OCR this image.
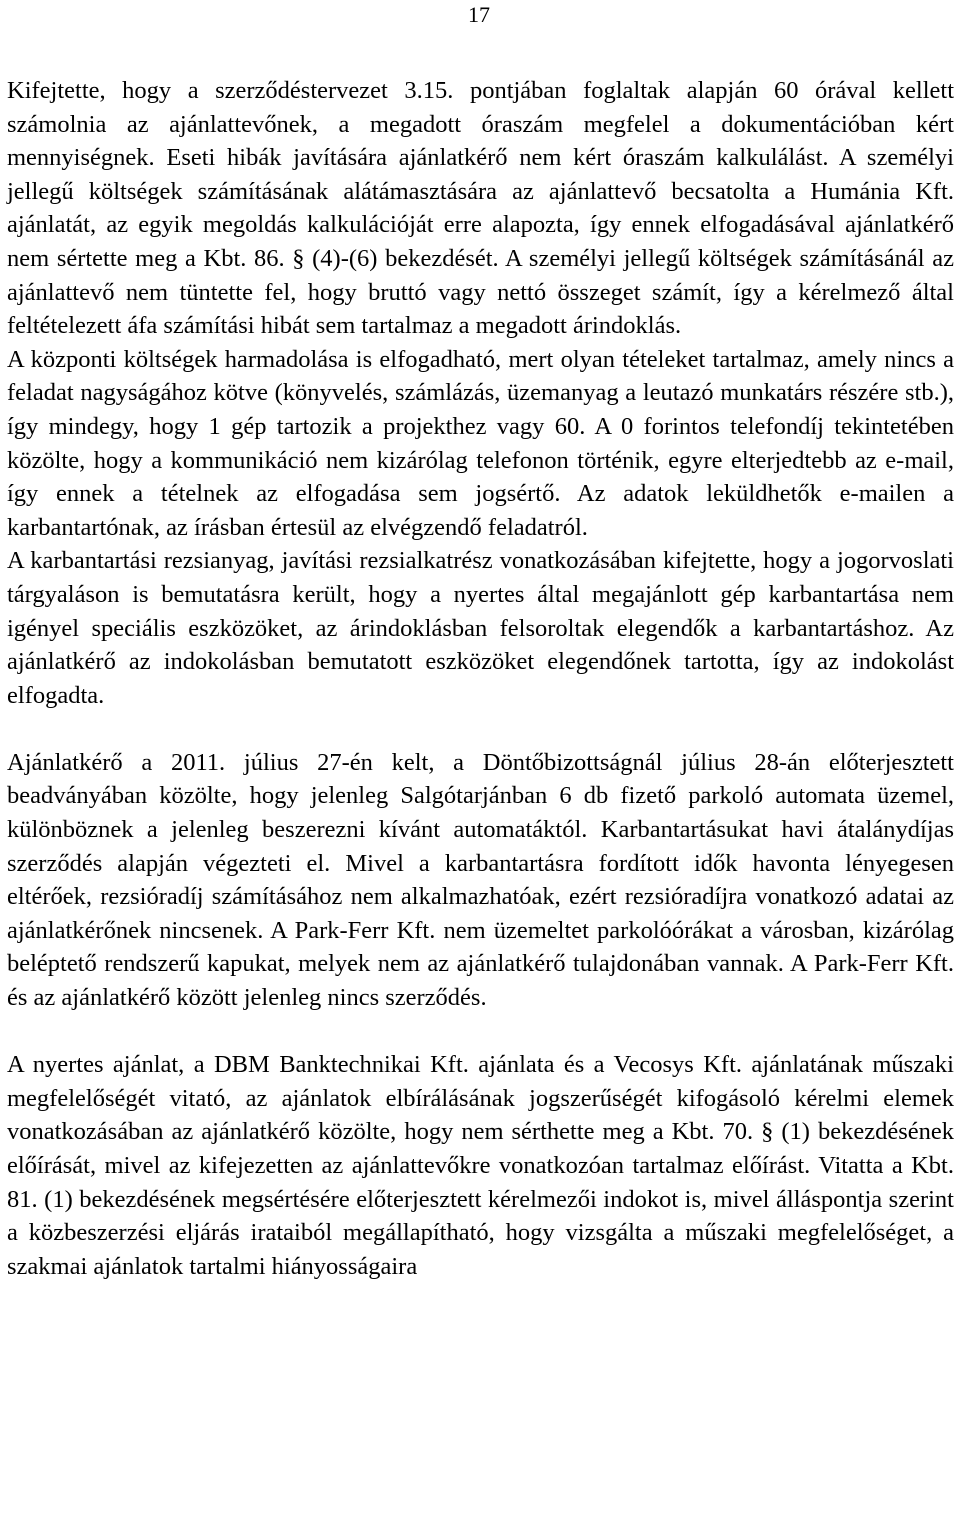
17

Kifejtette, hogy a szerződéstervezet 3.15. pontjában foglaltak alapján 60 órával kellett számolnia az ajánlattevőnek, a megadott óraszám megfelel a dokumentációban kért mennyiségnek. Eseti hibák javítására ajánlatkérő nem kért óraszám kalkulálást. A személyi jellegű költségek számításának alátámasztására az ajánlattevő becsatolta a Humánia Kft. ajánlatát, az egyik megoldás kalkulációját erre alapozta, így ennek elfogadásával ajánlatkérő nem sértette meg a Kbt. 86. § (4)-(6) bekezdését. A személyi jellegű költségek számításánál az ajánlattevő nem tüntette fel, hogy bruttó vagy nettó összeget számít, így a kérelmező által feltételezett áfa számítási hibát sem tartalmaz a megadott árindoklás.

A központi költségek harmadolása is elfogadható, mert olyan tételeket tartalmaz, amely nincs a feladat nagyságához kötve (könyvelés, számlázás, üzemanyag a leutazó munkatárs részére stb.), így mindegy, hogy 1 gép tartozik a projekthez vagy 60. A 0 forintos telefondíj tekintetében közölte, hogy a kommunikáció nem kizárólag telefonon történik, egyre elterjedtebb az e-mail, így ennek a tételnek az elfogadása sem jogsértő. Az adatok leküldhetők e-mailen a karbantartónak, az írásban értesül az elvégzendő feladatról.

A karbantartási rezsianyag, javítási rezsialkatrész vonatkozásában kifejtette, hogy a jogorvoslati tárgyaláson is bemutatásra került, hogy a nyertes által megajánlott gép karbantartása nem igényel speciális eszközöket, az árindoklásban felsoroltak elegendők a karbantartáshoz. Az ajánlatkérő az indokolásban bemutatott eszközöket elegendőnek tartotta, így az indokolást elfogadta.

Ajánlatkérő a 2011. július 27-én kelt, a Döntőbizottságnál július 28-án előterjesztett beadványában közölte, hogy jelenleg Salgótarjánban 6 db fizető parkoló automata üzemel, különböznek a jelenleg beszerezni kívánt automatáktól. Karbantartásukat havi átalánydíjas szerződés alapján végezteti el. Mivel a karbantartásra fordított idők havonta lényegesen eltérőek, rezsióradíj számításához nem alkalmazhatóak, ezért rezsióradíjra vonatkozó adatai az ajánlatkérőnek nincsenek. A Park-Ferr Kft. nem üzemeltet parkolóórákat a városban, kizárólag beléptető rendszerű kapukat, melyek nem az ajánlatkérő tulajdonában vannak. A Park-Ferr Kft. és az ajánlatkérő között jelenleg nincs szerződés.

A nyertes ajánlat, a DBM Banktechnikai Kft. ajánlata és a Vecosys Kft. ajánlatának műszaki megfelelőségét vitató, az ajánlatok elbírálásának jogszerűségét kifogásoló kérelmi elemek vonatkozásában az ajánlatkérő közölte, hogy nem sérthette meg a Kbt. 70. § (1) bekezdésének előírását, mivel az kifejezetten az ajánlattevőkre vonatkozóan tartalmaz előírást. Vitatta a Kbt. 81. (1) bekezdésének megsértésére előterjesztett kérelmezői indokot is, mivel álláspontja szerint a közbeszerzési eljárás irataiból megállapítható, hogy vizsgálta a műszaki megfelelőséget, a szakmai ajánlatok tartalmi hiányosságaira
